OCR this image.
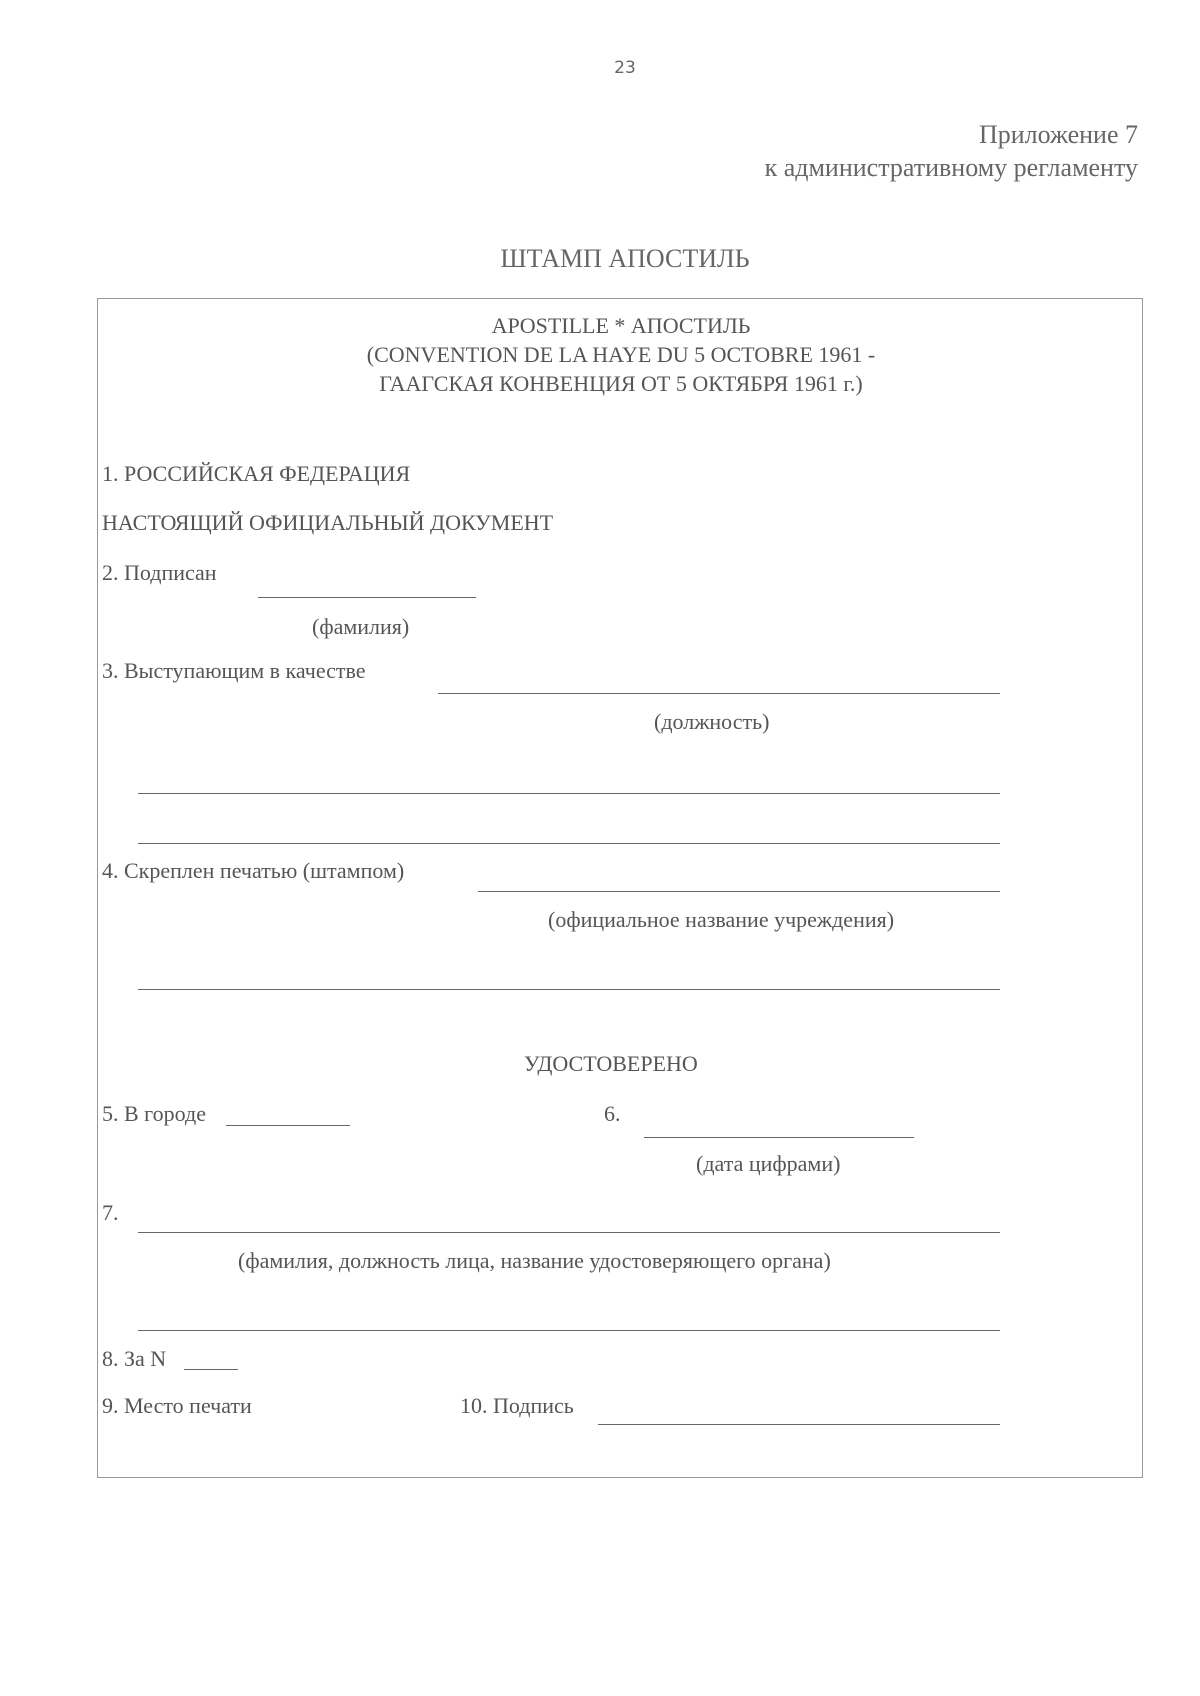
23
Приложение 7
к административному регламенту
ШТАМП АПОСТИЛЬ
APOSTILLE * АПОСТИЛЬ
(CONVENTION DE LA HAYE DU 5 OCTOBRE 1961 -
ГААГСКАЯ КОНВЕНЦИЯ ОТ 5 ОКТЯБРЯ 1961 г.)
1. РОССИЙСКАЯ ФЕДЕРАЦИЯ
НАСТОЯЩИЙ ОФИЦИАЛЬНЫЙ ДОКУМЕНТ
2. Подписан
(фамилия)
3. Выступающим в качестве
(должность)
4. Скреплен печатью (штампом)
(официальное название учреждения)
УДОСТОВЕРЕНО
5. В городе	6.
(дата цифрами)
7.
(фамилия, должность лица, название удостоверяющего органа)
8. За N
9. Место печати	10. Подпись
